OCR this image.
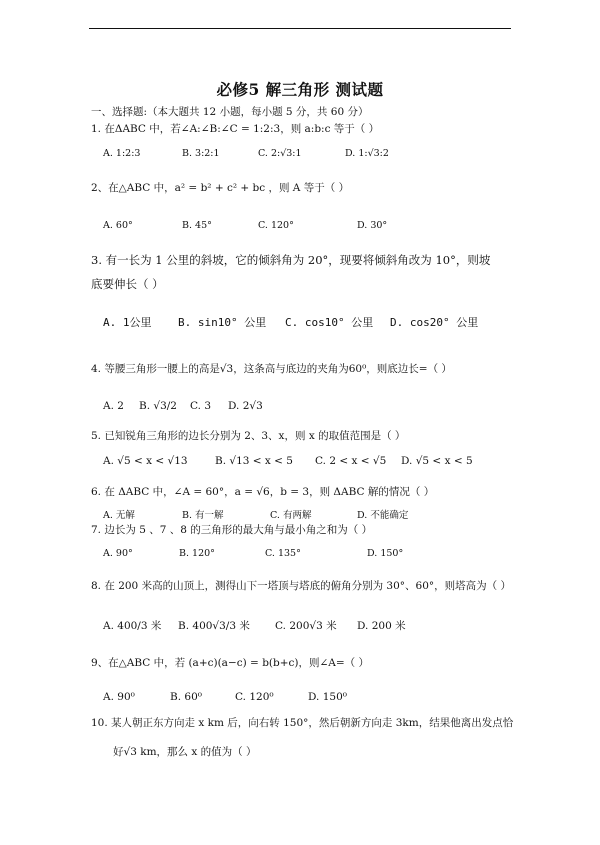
必修5 解三角形 测试题
一、选择题:（本大题共 12 小题，每小题 5 分，共 60 分）
1. 在ΔABC 中，若∠A:∠B:∠C = 1:2:3，则 a:b:c 等于（ ）
A. 1:2:3	B. 3:2:1	C. 2:√3:1	D. 1:√3:2
2、在△ABC 中，a² = b² + c² + bc ，则 A 等于（ ）
A. 60°	B. 45°	C. 120°	D. 30°
3. 有一长为 1 公里的斜坡，它的倾斜角为 20°，现要将倾斜角改为 10°，则坡
底要伸长（ ）
A. 1公里 B. sin10° 公里 C. cos10° 公里 D. cos20° 公里
4. 等腰三角形一腰上的高是√3，这条高与底边的夹角为60⁰，则底边长=（ ）
A. 2 B. √3/2 C. 3 D. 2√3
5. 已知锐角三角形的边长分别为 2、3、x，则 x 的取值范围是（ ）
A. √5 < x < √13	B. √13 < x < 5 C. 2 < x < √5 D. √5 < x < 5
6. 在 ΔABC 中，∠A = 60°，a = √6，b = 3，则 ΔABC 解的情况（ ）
A. 无解	B. 有一解	C. 有两解	D. 不能确定
7. 边长为 5 、7 、8 的三角形的最大角与最小角之和为（ ）
A. 90°	B. 120°	C. 135°	D. 150°
8. 在 200 米高的山顶上，测得山下一塔顶与塔底的俯角分别为 30°、60°，则塔高为（ ）
A. 400/3 米 B. 400√3/3 米 C. 200√3 米 D. 200 米
9、在△ABC 中，若 (a+c)(a−c) = b(b+c)，则∠A=（ ）
A. 90⁰	B. 60⁰	C. 120⁰	D. 150⁰
10. 某人朝正东方向走 x km 后，向右转 150°，然后朝新方向走 3km，结果他离出发点恰
好√3 km，那么 x 的值为（ ）
